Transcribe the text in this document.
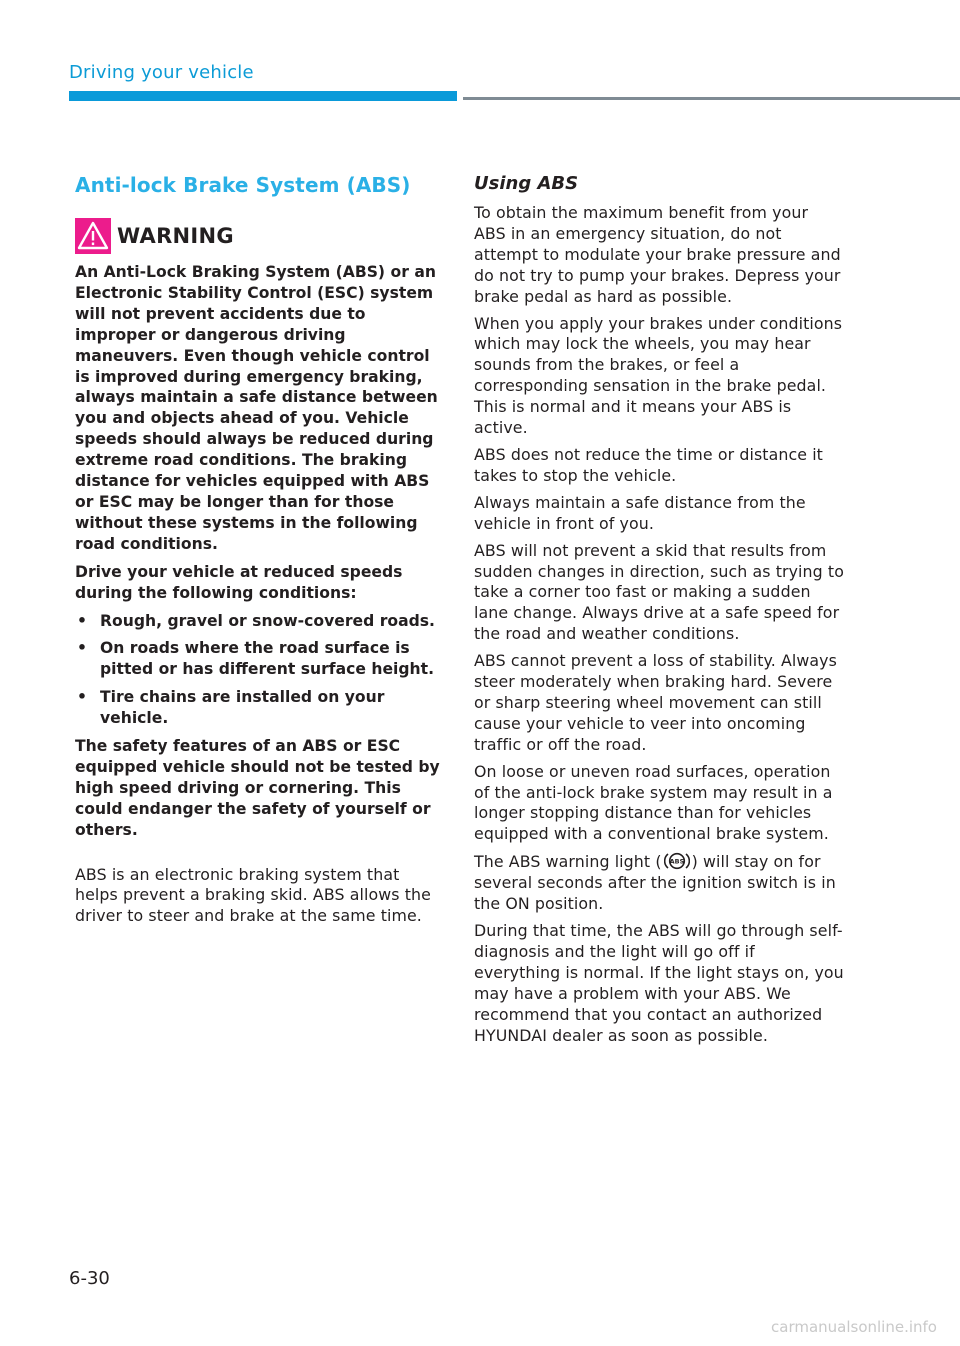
Driving your vehicle
Anti-lock Brake System (ABS)
WARNING

An Anti-Lock Braking System (ABS) or an Electronic Stability Control (ESC) system will not prevent accidents due to improper or dangerous driving maneuvers. Even though vehicle control is improved during emergency braking, always maintain a safe distance between you and objects ahead of you. Vehicle speeds should always be reduced during extreme road conditions. The braking distance for vehicles equipped with ABS or ESC may be longer than for those without these systems in the following road conditions.

Drive your vehicle at reduced speeds during the following conditions:

• Rough, gravel or snow-covered roads.
• On roads where the road surface is pitted or has different surface height.
• Tire chains are installed on your vehicle.

The safety features of an ABS or ESC equipped vehicle should not be tested by high speed driving or cornering. This could endanger the safety of yourself or others.

ABS is an electronic braking system that helps prevent a braking skid. ABS allows the driver to steer and brake at the same time.

Using ABS

To obtain the maximum benefit from your ABS in an emergency situation, do not attempt to modulate your brake pressure and do not try to pump your brakes. Depress your brake pedal as hard as possible.

When you apply your brakes under conditions which may lock the wheels, you may hear sounds from the brakes, or feel a corresponding sensation in the brake pedal. This is normal and it means your ABS is active.

ABS does not reduce the time or distance it takes to stop the vehicle.

Always maintain a safe distance from the vehicle in front of you.

ABS will not prevent a skid that results from sudden changes in direction, such as trying to take a corner too fast or making a sudden lane change. Always drive at a safe speed for the road and weather conditions.

ABS cannot prevent a loss of stability. Always steer moderately when braking hard. Severe or sharp steering wheel movement can still cause your vehicle to veer into oncoming traffic or off the road.

On loose or uneven road surfaces, operation of the anti-lock brake system may result in a longer stopping distance than for vehicles equipped with a conventional brake system.

The ABS warning light ( ABS ) will stay on for several seconds after the ignition switch is in the ON position.

During that time, the ABS will go through self-diagnosis and the light will go off if everything is normal. If the light stays on, you may have a problem with your ABS. We recommend that you contact an authorized HYUNDAI dealer as soon as possible.

6-30
carmanualsonline.info
